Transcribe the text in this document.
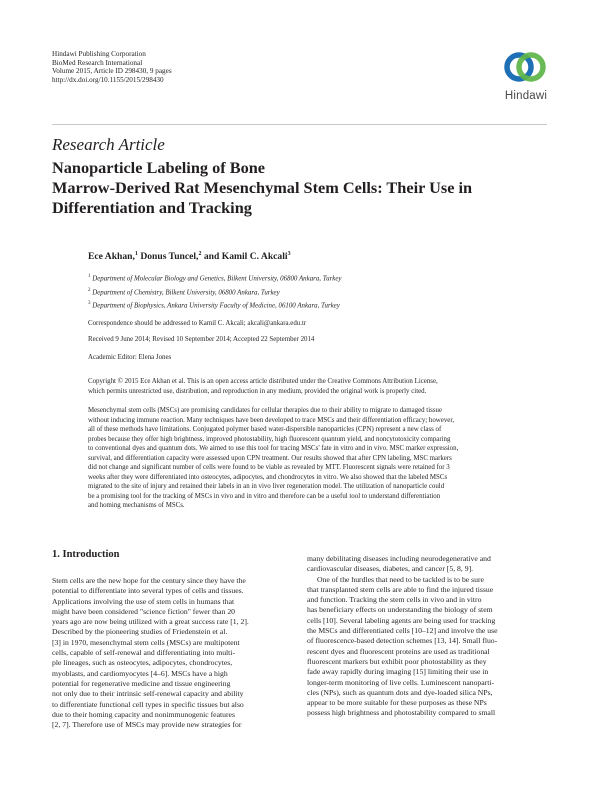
Hindawi Publishing Corporation
BioMed Research International
Volume 2015, Article ID 298430, 9 pages
http://dx.doi.org/10.1155/2015/298430
Hindawi
Research Article
Nanoparticle Labeling of Bone
Marrow-Derived Rat Mesenchymal Stem Cells: Their Use in
Differentiation and Tracking
Ece Akhan,$^1$ Donus Tuncel,$^2$ and Kamil C. Akcali$^3$
$^1$ Department of Molecular Biology and Genetics, Bilkent University, 06800 Ankara, Turkey
$^2$ Department of Chemistry, Bilkent University, 06800 Ankara, Turkey
$^3$ Department of Biophysics, Ankara University Faculty of Medicine, 06100 Ankara, Turkey
Correspondence should be addressed to Kamil C. Akcali; akcali@ankara.edu.tr
Received 9 June 2014; Revised 10 September 2014; Accepted 22 September 2014
Academic Editor: Elena Jones
Copyright © 2015 Ece Akhan et al. This is an open access article distributed under the Creative Commons Attribution License,
which permits unrestricted use, distribution, and reproduction in any medium, provided the original work is properly cited.
Mesenchymal stem cells (MSCs) are promising candidates for cellular therapies due to their ability to migrate to damaged tissue
without inducing immune reaction. Many techniques have been developed to trace MSCs and their differentiation efficacy; however,
all of these methods have limitations. Conjugated polymer based water-dispersible nanoparticles (CPN) represent a new class of
probes because they offer high brightness, improved photostability, high fluorescent quantum yield, and noncytotoxicity comparing
to conventional dyes and quantum dots. We aimed to use this tool for tracing MSCs' fate in vitro and in vivo. MSC marker expression,
survival, and differentiation capacity were assessed upon CPN treatment. Our results showed that after CPN labeling, MSC markers
did not change and significant number of cells were found to be viable as revealed by MTT. Fluorescent signals were retained for 3
weeks after they were differentiated into osteocytes, adipocytes, and chondrocytes in vitro. We also showed that the labeled MSCs
migrated to the site of injury and retained their labels in an in vivo liver regeneration model. The utilization of nanoparticle could
be a promising tool for the tracking of MSCs in vivo and in vitro and therefore can be a useful tool to understand differentiation
and homing mechanisms of MSCs.
1. Introduction
Stem cells are the new hope for the century since they have the
potential to differentiate into several types of cells and tissues.
Applications involving the use of stem cells in humans that
might have been considered "science fiction" fewer than 20
years ago are now being utilized with a great success rate [1, 2].
Described by the pioneering studies of Friedenstein et al.
[3] in 1970, mesenchymal stem cells (MSCs) are multipotent
cells, capable of self-renewal and differentiating into multi-
ple lineages, such as osteocytes, adipocytes, chondrocytes,
myoblasts, and cardiomyocytes [4–6]. MSCs have a high
potential for regenerative medicine and tissue engineering
not only due to their intrinsic self-renewal capacity and ability
to differentiate functional cell types in specific tissues but also
due to their homing capacity and nonimmunogenic features
[2, 7]. Therefore use of MSCs may provide new strategies for
many debilitating diseases including neurodegenerative and
cardiovascular diseases, diabetes, and cancer [5, 8, 9].
One of the hurdles that need to be tackled is to be sure
that transplanted stem cells are able to find the injured tissue
and function. Tracking the stem cells in vivo and in vitro
has beneficiary effects on understanding the biology of stem
cells [10]. Several labeling agents are being used for tracking
the MSCs and differentiated cells [10–12] and involve the use
of fluorescence-based detection schemes [13, 14]. Small fluo-
rescent dyes and fluorescent proteins are used as traditional
fluorescent markers but exhibit poor photostability as they
fade away rapidly during imaging [15] limiting their use in
longer-term monitoring of live cells. Luminescent nanoparti-
cles (NPs), such as quantum dots and dye-loaded silica NPs,
appear to be more suitable for these purposes as these NPs
possess high brightness and photostability compared to small
